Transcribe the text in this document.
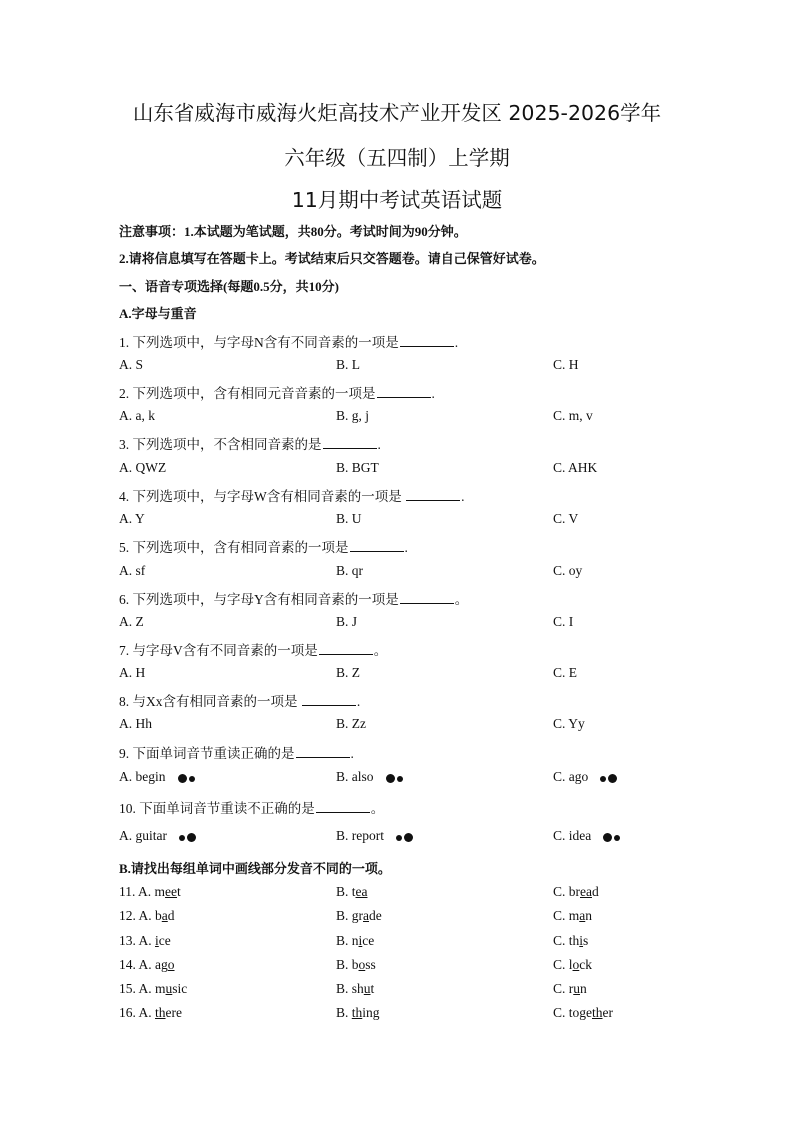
山东省威海市威海火炬高技术产业开发区 2025-2026学年
六年级（五四制）上学期
11月期中考试英语试题
注意事项：1.本试题为笔试题，共80分。考试时间为90分钟。
2.请将信息填写在答题卡上。考试结束后只交答题卷。请自己保管好试卷。
一、语音专项选择(每题0.5分，共10分)
A.字母与重音
1. 下列选项中，与字母N含有不同音素的一项是	.
A. S	B. L	C. H
2. 下列选项中，含有相同元音音素的一项是	.
A. a, k	B. g, j	C. m, v
3. 下列选项中，不含相同音素的是	.
A. QWZ	B. BGT	C. AHK
4. 下列选项中，与字母W含有相同音素的一项是	.
A. Y	B. U	C. V
5. 下列选项中，含有相同音素的一项是	.
A. sf	B. qr	C. oy
6. 下列选项中，与字母Y含有相同音素的一项是	。
A. Z	B. J	C. I
7. 与字母V含有不同音素的一项是	。
A. H	B. Z	C. E
8. 与Xx含有相同音素的一项是	.
A. Hh	B. Zz	C. Yy
9. 下面单词音节重读正确的是	.
A. begin	B. also	C. ago
10. 下面单词音节重读不正确的是	。
A. guitar	B. report	C. idea
B.请找出每组单词中画线部分发音不同的一项。
11. A. meet	B. tea	C. bread
12. A. bad	B. grade	C. man
13. A. ice	B. nice	C. this
14. A. ago	B. boss	C. lock
15. A. music	B. shut	C. run
16. A. there	B. thing	C. together
